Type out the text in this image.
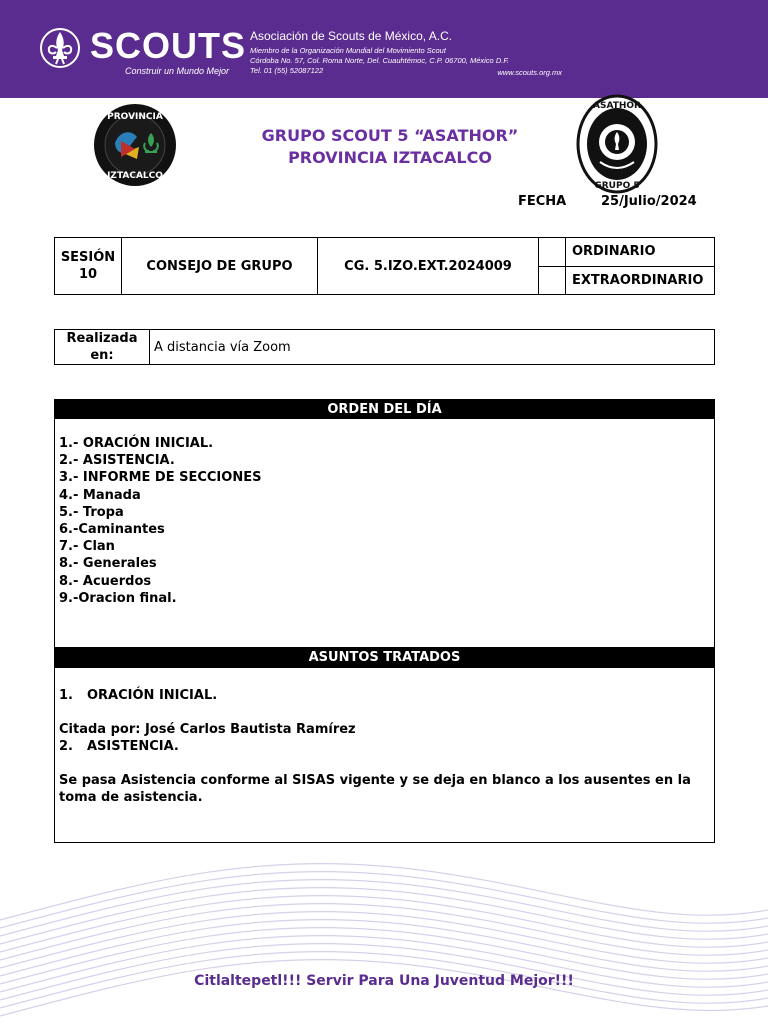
SCOUTS
Construir un Mundo Mejor
Asociación de Scouts de México, A.C.
Miembro de la Organización Mundial del Movimiento Scout
Córdoba No. 57, Col. Roma Norte, Del. Cuauhtémoc, C.P. 06700, México D.F.
Tel. 01 (55) 52087122	www.scouts.org.mx
PROVINCIA
IZTACALCO
ASATHOR
GRUPO 5
GRUPO SCOUT 5 “ASATHOR”
PROVINCIA IZTACALCO
FECHA	25/Julio/2024
SESIÓN
10	CONSEJO DE GRUPO	CG. 5.IZO.EXT.2024009		ORDINARIO
				EXTRAORDINARIO
Realizada
en:
	A distancia vía Zoom
ORDEN DEL DÍA
1.- ORACIÓN INICIAL.
2.- ASISTENCIA.
3.- INFORME DE SECCIONES
4.- Manada
5.- Tropa
6.-Caminantes
7.- Clan
8.- Generales
8.- Acuerdos
9.-Oracion final.
ASUNTOS TRATADOS

1. ORACIÓN INICIAL.

Citada por: José Carlos Bautista Ramírez

2. ASISTENCIA.

Se pasa Asistencia conforme al SISAS vigente y se deja en blanco a los ausentes en la toma de asistencia.

Citlaltepetl!!! Servir Para Una Juventud Mejor!!!
